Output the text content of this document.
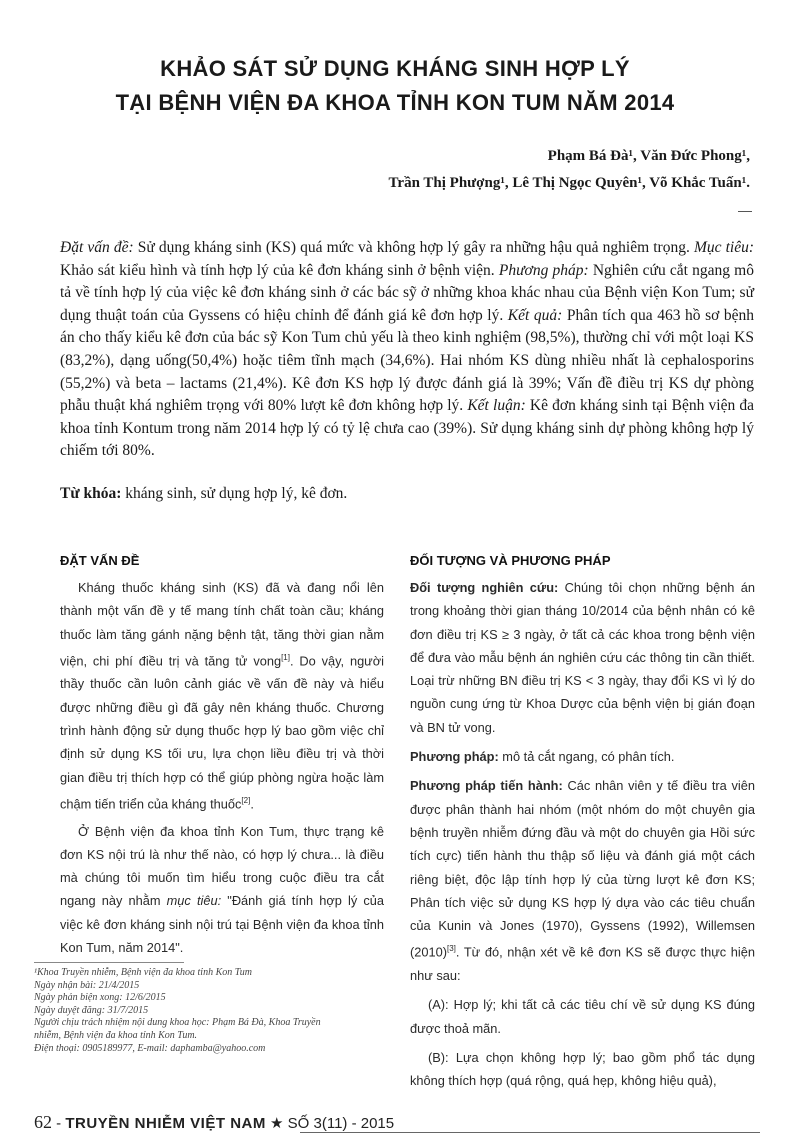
KHẢO SÁT SỬ DỤNG KHÁNG SINH HỢP LÝ
TẠI BỆNH VIỆN ĐA KHOA TỈNH KON TUM NĂM 2014
Phạm Bá Đà¹, Văn Đức Phong¹,
Trần Thị Phượng¹, Lê Thị Ngọc Quyên¹, Võ Khắc Tuấn¹.
Đặt vấn đề: Sử dụng kháng sinh (KS) quá mức và không hợp lý gây ra những hậu quả nghiêm trọng. Mục tiêu: Khảo sát kiểu hình và tính hợp lý của kê đơn kháng sinh ở bệnh viện. Phương pháp: Nghiên cứu cắt ngang mô tả về tính hợp lý của việc kê đơn kháng sinh ở các bác sỹ ở những khoa khác nhau của Bệnh viện Kon Tum; sử dụng thuật toán của Gyssens có hiệu chỉnh để đánh giá kê đơn hợp lý. Kết quả: Phân tích qua 463 hồ sơ bệnh án cho thấy kiểu kê đơn của bác sỹ Kon Tum chủ yếu là theo kinh nghiệm (98,5%), thường chỉ với một loại KS (83,2%), dạng uống(50,4%) hoặc tiêm tĩnh mạch (34,6%). Hai nhóm KS dùng nhiều nhất là cephalosporins (55,2%) và beta – lactams (21,4%). Kê đơn KS hợp lý được đánh giá là 39%; Vấn đề điều trị KS dự phòng phẫu thuật khá nghiêm trọng với 80% lượt kê đơn không hợp lý. Kết luận: Kê đơn kháng sinh tại Bệnh viện đa khoa tỉnh Kontum trong năm 2014 hợp lý có tỷ lệ chưa cao (39%). Sử dụng kháng sinh dự phòng không hợp lý chiếm tới 80%.
Từ khóa: kháng sinh, sử dụng hợp lý, kê đơn.
ĐẶT VẤN ĐỀ

Kháng thuốc kháng sinh (KS) đã và đang nổi lên thành một vấn đề y tế mang tính chất toàn cầu; kháng thuốc làm tăng gánh nặng bệnh tật, tăng thời gian nằm viện, chi phí điều trị và tăng tử vong[1]. Do vậy, người thầy thuốc cần luôn cảnh giác về vấn đề này và hiểu được những điều gì đã gây nên kháng thuốc. Chương trình hành động sử dụng thuốc hợp lý bao gồm việc chỉ định sử dụng KS tối ưu, lựa chọn liều điều trị và thời gian điều trị thích hợp có thể giúp phòng ngừa hoặc làm chậm tiến triển của kháng thuốc[2].

Ở Bệnh viện đa khoa tỉnh Kon Tum, thực trạng kê đơn KS nội trú là như thế nào, có hợp lý chưa... là điều mà chúng tôi muốn tìm hiểu trong cuộc điều tra cắt ngang này nhằm mục tiêu: "Đánh giá tính hợp lý của việc kê đơn kháng sinh nội trú tại Bệnh viện đa khoa tỉnh Kon Tum, năm 2014".

¹Khoa Truyền nhiễm, Bệnh viện đa khoa tỉnh Kon Tum
Ngày nhận bài: 21/4/2015
Ngày phản biện xong: 12/6/2015
Ngày duyệt đăng: 31/7/2015
Người chịu trách nhiệm nội dung khoa học: Phạm Bá Đà, Khoa Truyền
nhiễm, Bệnh viện đa khoa tỉnh Kon Tum.
Điện thoại: 0905189977, E-mail: daphamba@yahoo.com
ĐỐI TƯỢNG VÀ PHƯƠNG PHÁP

Đối tượng nghiên cứu: Chúng tôi chọn những bệnh án trong khoảng thời gian tháng 10/2014 của bệnh nhân có kê đơn điều trị KS ≥ 3 ngày, ở tất cả các khoa trong bệnh viện để đưa vào mẫu bệnh án nghiên cứu các thông tin cần thiết. Loại trừ những BN điều trị KS < 3 ngày, thay đổi KS vì lý do nguồn cung ứng từ Khoa Dược của bệnh viện bị gián đoạn và BN tử vong.

Phương pháp: mô tả cắt ngang, có phân tích.

Phương pháp tiến hành: Các nhân viên y tế điều tra viên được phân thành hai nhóm (một nhóm do một chuyên gia bệnh truyền nhiễm đứng đầu và một do chuyên gia Hồi sức tích cực) tiến hành thu thập số liệu và đánh giá một cách riêng biệt, độc lập tính hợp lý của từng lượt kê đơn KS; Phân tích việc sử dụng KS hợp lý dựa vào các tiêu chuẩn của Kunin và Jones (1970), Gyssens (1992), Willemsen (2010)[3]. Từ đó, nhận xét về kê đơn KS sẽ được thực hiện như sau:

(A): Hợp lý; khi tất cả các tiêu chí về sử dụng KS đúng được thoả mãn.

(B): Lựa chọn không hợp lý; bao gồm phổ tác dụng không thích hợp (quá rộng, quá hẹp, không hiệu quả),

62 - TRUYỀN NHIỄM VIỆT NAM ★ SỐ 3(11) - 2015
